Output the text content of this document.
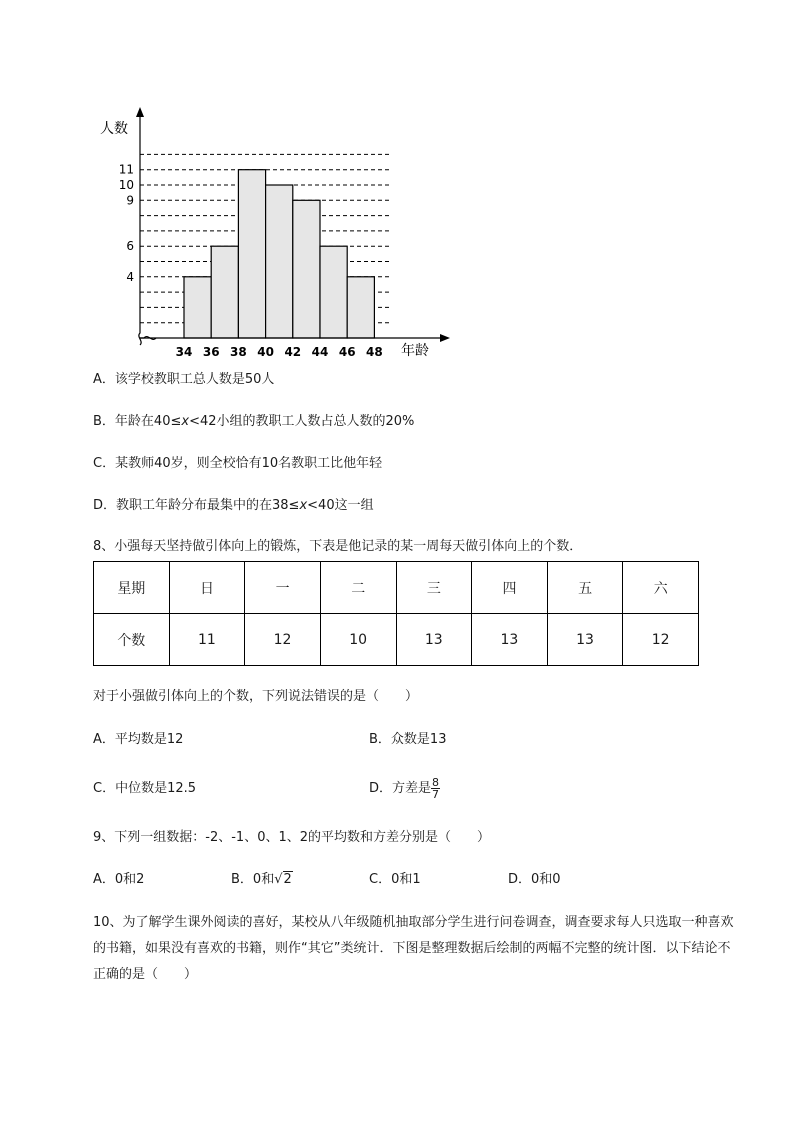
人数
年龄
34 36 38 40 42 44 46 48
4
6
9
10
11
A．该学校教职工总人数是50人
B．年龄在40≤x<42小组的教职工人数占总人数的20%
C．某教师40岁，则全校恰有10名教职工比他年轻
D．教职工年龄分布最集中的在38≤x<40这一组
8、小强每天坚持做引体向上的锻炼，下表是他记录的某一周每天做引体向上的个数．
星期	日	一	二	三	四	五	六
个数	11	12	10	13	13	13	12
对于小强做引体向上的个数，下列说法错误的是（　　）
A．平均数是12	B．众数是13
C．中位数是12.5	D．方差是 $\frac{8}{7}$
9、下列一组数据：-2、-1、0、1、2的平均数和方差分别是（　　）
A．0和2	B．0和√2	C．0和1	D．0和0
10、为了解学生课外阅读的喜好，某校从八年级随机抽取部分学生进行问卷调查，调查要求每人只选取一种喜欢的书籍，如果没有喜欢的书籍，则作“其它”类统计．下图是整理数据后绘制的两幅不完整的统计图．以下结论不正确的是（　　）
